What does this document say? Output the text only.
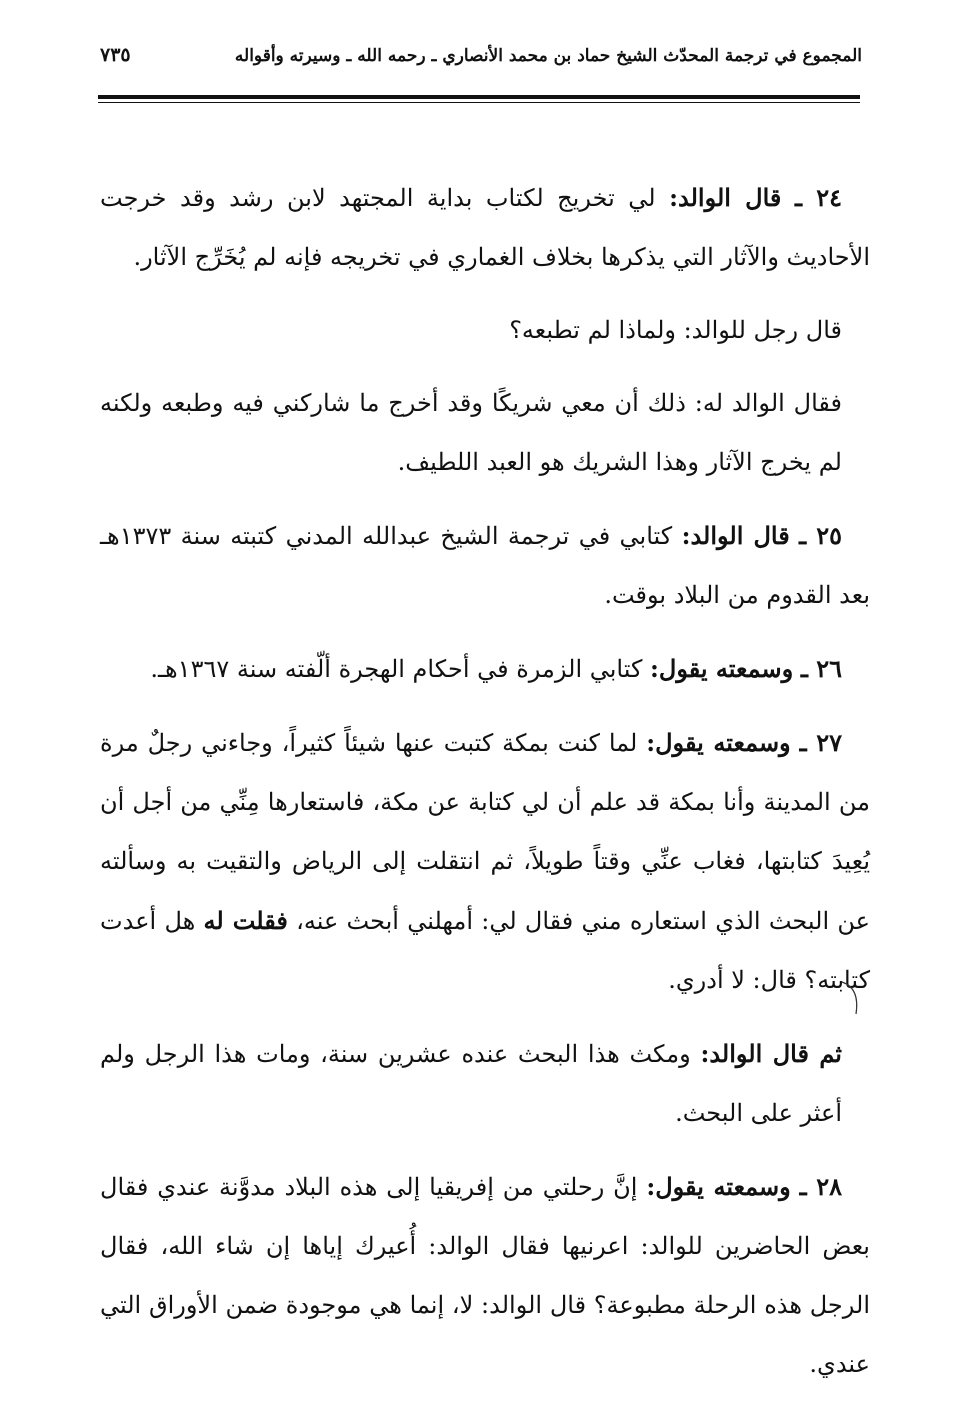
المجموع في ترجمة المحدّث الشيخ حماد بن محمد الأنصاري ـ رحمه الله ـ وسيرته وأقواله
٧٣٥

٢٤ ـ قال الوالد: لي تخريج لكتاب بداية المجتهد لابن رشد وقد خرجت الأحاديث والآثار التي يذكرها بخلاف الغماري في تخريجه فإنه لم يُخَرِّج الآثار.

قال رجل للوالد: ولماذا لم تطبعه؟

فقال الوالد له: ذلك أن معي شريكًا وقد أخرج ما شاركني فيه وطبعه ولكنه لم يخرج الآثار وهذا الشريك هو العبد اللطيف.

٢٥ ـ قال الوالد: كتابي في ترجمة الشيخ عبدالله المدني كتبته سنة ١٣٧٣هـ بعد القدوم من البلاد بوقت.

٢٦ ـ وسمعته يقول: كتابي الزمرة في أحكام الهجرة ألّفته سنة ١٣٦٧هـ.

٢٧ ـ وسمعته يقول: لما كنت بمكة كتبت عنها شيئاً كثيراً، وجاءني رجلٌ مرة من المدينة وأنا بمكة قد علم أن لي كتابة عن مكة، فاستعارها مِنِّي من أجل أن يُعِيدَ كتابتها، فغاب عنِّي وقتاً طويلاً، ثم انتقلت إلى الرياض والتقيت به وسألته عن البحث الذي استعاره مني فقال لي: أمهلني أبحث عنه، فقلت له هل أعدت كتابته؟ قال: لا أدري.

ثم قال الوالد: ومكث هذا البحث عنده عشرين سنة، ومات هذا الرجل ولم أعثر على البحث.

٢٨ ـ وسمعته يقول: إنَّ رحلتي من إفريقيا إلى هذه البلاد مدوَّنة عندي فقال بعض الحاضرين للوالد: اعرنيها فقال الوالد: أُعيرك إياها إن شاء الله، فقال الرجل هذه الرحلة مطبوعة؟ قال الوالد: لا، إنما هي موجودة ضمن الأوراق التي عندي.
